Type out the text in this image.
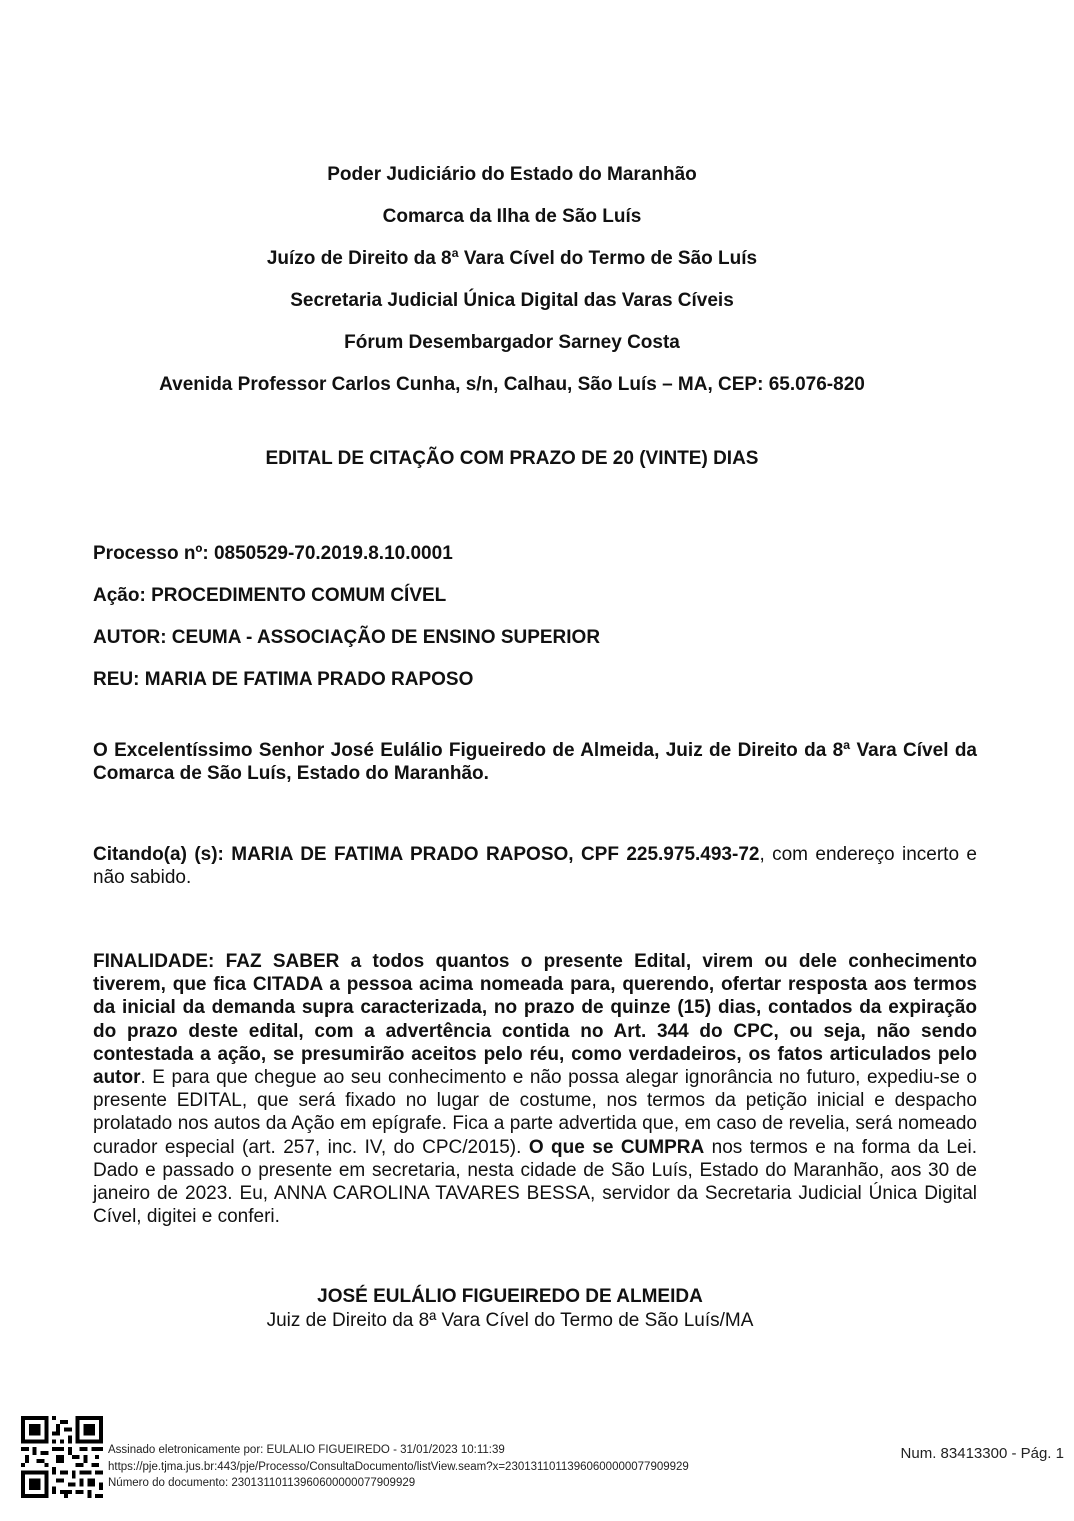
Poder Judiciário do Estado do Maranhão

Comarca da Ilha de São Luís

Juízo de Direito da 8ª Vara Cível do Termo de São Luís

Secretaria Judicial Única Digital das Varas Cíveis

Fórum Desembargador Sarney Costa

Avenida Professor Carlos Cunha, s/n, Calhau, São Luís – MA, CEP: 65.076-820

EDITAL DE CITAÇÃO COM PRAZO DE 20 (VINTE) DIAS

Processo nº: 0850529-70.2019.8.10.0001

Ação: PROCEDIMENTO COMUM CÍVEL

AUTOR: CEUMA - ASSOCIAÇÃO DE ENSINO SUPERIOR

REU: MARIA DE FATIMA PRADO RAPOSO

O Excelentíssimo Senhor José Eulálio Figueiredo de Almeida, Juiz de Direito da 8ª Vara Cível da Comarca de São Luís, Estado do Maranhão.

Citando(a) (s): MARIA DE FATIMA PRADO RAPOSO, CPF 225.975.493-72, com endereço incerto e não sabido.

FINALIDADE: FAZ SABER a todos quantos o presente Edital, virem ou dele conhecimento tiverem, que fica CITADA a pessoa acima nomeada para, querendo, ofertar resposta aos termos da inicial da demanda supra caracterizada, no prazo de quinze (15) dias, contados da expiração do prazo deste edital, com a advertência contida no Art. 344 do CPC, ou seja, não sendo contestada a ação, se presumirão aceitos pelo réu, como verdadeiros, os fatos articulados pelo autor. E para que chegue ao seu conhecimento e não possa alegar ignorância no futuro, expediu-se o presente EDITAL, que será fixado no lugar de costume, nos termos da petição inicial e despacho prolatado nos autos da Ação em epígrafe. Fica a parte advertida que, em caso de revelia, será nomeado curador especial (art. 257, inc. IV, do CPC/2015). O que se CUMPRA nos termos e na forma da Lei. Dado e passado o presente em secretaria, nesta cidade de São Luís, Estado do Maranhão, aos 30 de janeiro de 2023. Eu, ANNA CAROLINA TAVARES BESSA, servidor da Secretaria Judicial Única Digital Cível, digitei e conferi.

JOSÉ EULÁLIO FIGUEIREDO DE ALMEIDA

Juiz de Direito da 8ª Vara Cível do Termo de São Luís/MA

Assinado eletronicamente por: EULALIO FIGUEIREDO - 31/01/2023 10:11:39

https://pje.tjma.jus.br:443/pje/Processo/ConsultaDocumento/listView.seam?x=23013110113960600000077909929

Número do documento: 23013110113960600000077909929

Num. 83413300 - Pág. 1
